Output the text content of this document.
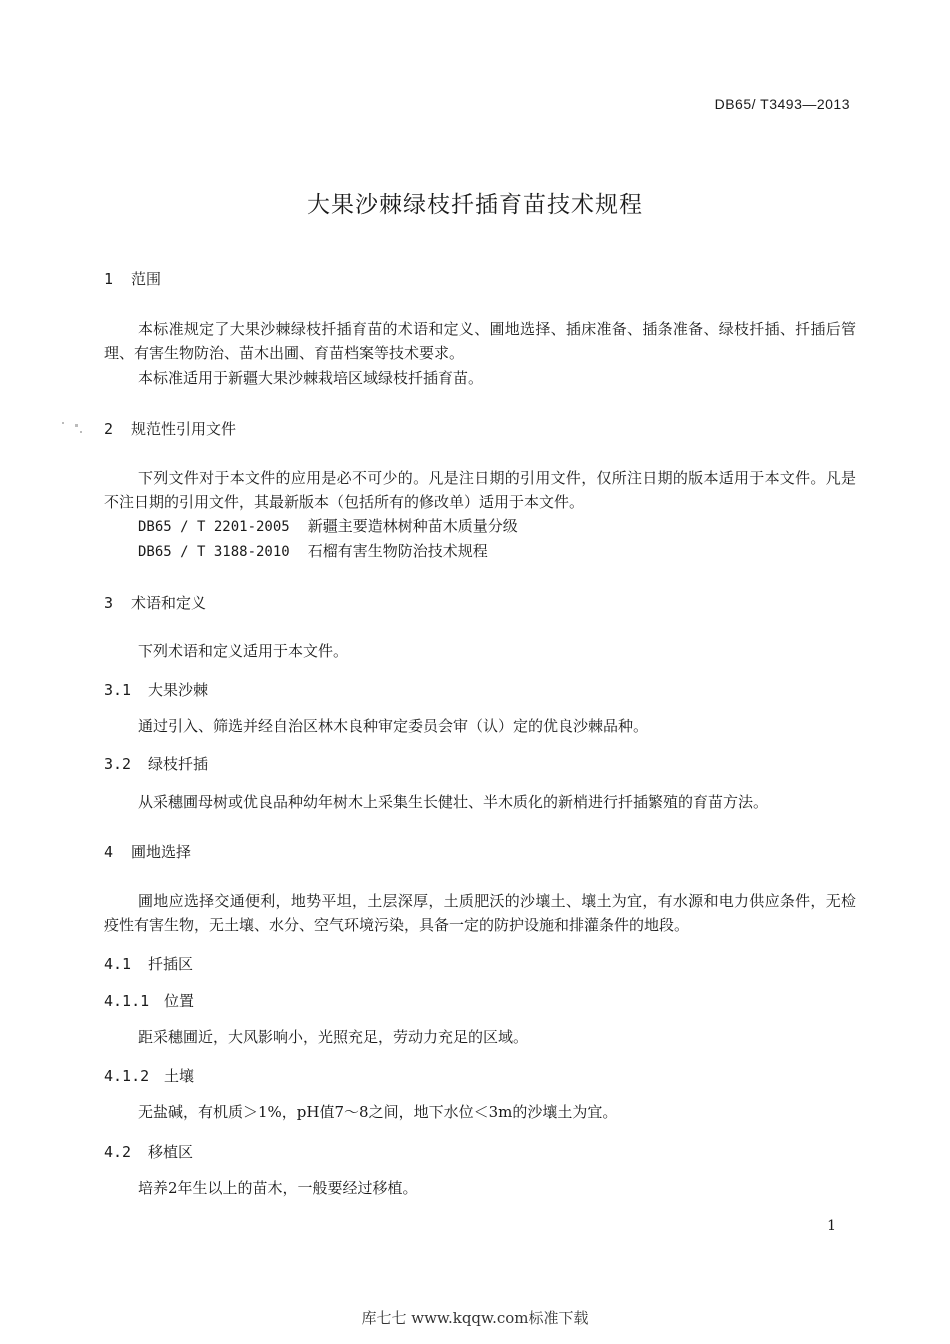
DB65/ T3493—2013
大果沙棘绿枝扦插育苗技术规程
1 范围
本标准规定了大果沙棘绿枝扦插育苗的术语和定义、圃地选择、插床准备、插条准备、绿枝扦插、扦插后管理、有害生物防治、苗木出圃、育苗档案等技术要求。
本标准适用于新疆大果沙棘栽培区域绿枝扦插育苗。
2 规范性引用文件
下列文件对于本文件的应用是必不可少的。凡是注日期的引用文件，仅所注日期的版本适用于本文件。凡是不注日期的引用文件，其最新版本（包括所有的修改单）适用于本文件。
DB65 / T 2201-2005 新疆主要造林树种苗木质量分级
DB65 / T 3188-2010 石榴有害生物防治技术规程
3 术语和定义
下列术语和定义适用于本文件。
3.1 大果沙棘
通过引入、筛选并经自治区林木良种审定委员会审（认）定的优良沙棘品种。
3.2 绿枝扦插
从采穗圃母树或优良品种幼年树木上采集生长健壮、半木质化的新梢进行扦插繁殖的育苗方法。
4 圃地选择
圃地应选择交通便利，地势平坦，土层深厚，土质肥沃的沙壤土、壤土为宜，有水源和电力供应条件，无检疫性有害生物，无土壤、水分、空气环境污染，具备一定的防护设施和排灌条件的地段。
4.1 扦插区
4.1.1 位置
距采穗圃近，大风影响小，光照充足，劳动力充足的区域。
4.1.2 土壤
无盐碱，有机质＞1%，pH值7～8之间，地下水位＜3m的沙壤土为宜。
4.2 移植区
培养2年生以上的苗木，一般要经过移植。
1
库七七 www.kqqw.com标准下载
